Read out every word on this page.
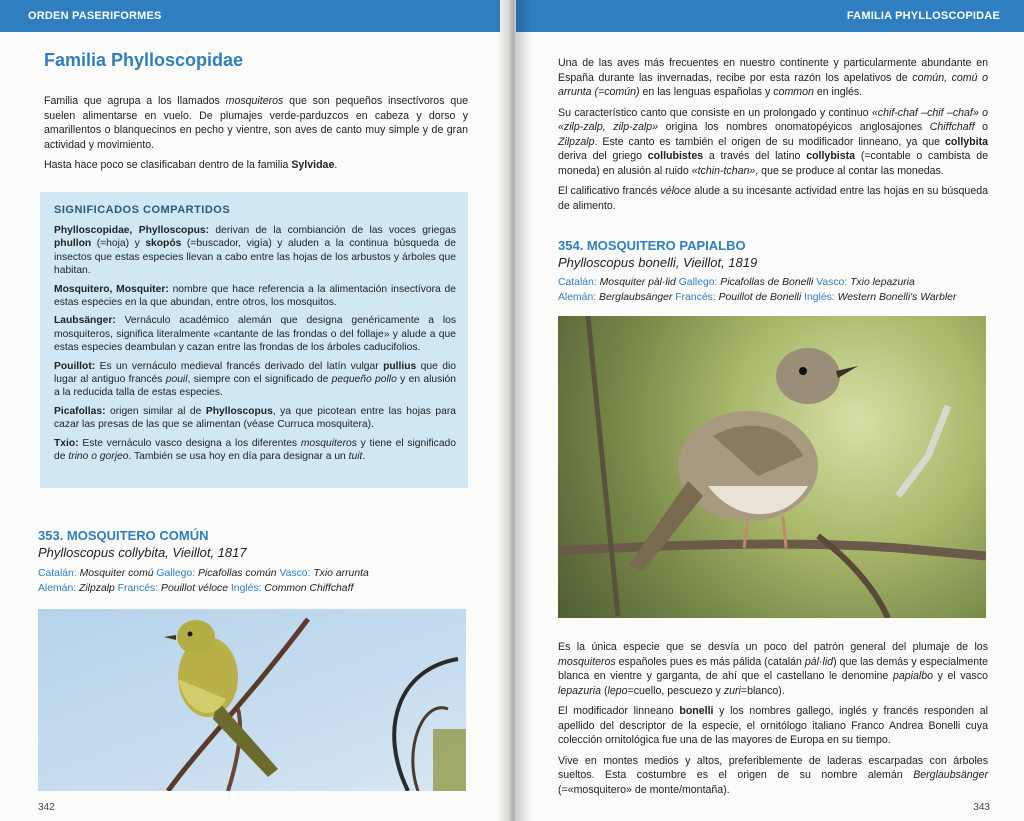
ORDEN PASERIFORMES
Familia Phylloscopidae

Familia que agrupa a los llamados mosquiteros que son pequeños insectívoros que suelen alimentarse en vuelo. De plumajes verde-parduzcos en cabeza y dorso y amarillentos o blanquecinos en pecho y vientre, son aves de canto muy simple y de gran actividad y movimiento.

Hasta hace poco se clasificaban dentro de la familia Sylvidae.

SIGNIFICADOS COMPARTIDOS

Phylloscopidae, Phylloscopus: derivan de la combianción de las voces griegas phullon (=hoja) y skopós (=buscador, vigía) y aluden a la continua búsqueda de insectos que estas especies llevan a cabo entre las hojas de los arbustos y árboles que habitan.

Mosquitero, Mosquiter: nombre que hace referencia a la alimentación insectívora de estas especies en la que abundan, entre otros, los mosquitos.

Laubsänger: Vernáculo académico alemán que designa genéricamente a los mosquiteros, significa literalmente «cantante de las frondas o del follaje» y alude a que estas especies deambulan y cazan entre las frondas de los árboles caducifolios.

Pouillot: Es un vernáculo medieval francés derivado del latín vulgar pullius que dio lugar al antiguo francés pouil, siempre con el significado de pequeño pollo y en alusión a la reducida talla de estas especies.

Picafollas: origen similar al de Phylloscopus, ya que picotean entre las hojas para cazar las presas de las que se alimentan (véase Curruca mosquitera).

Txio: Este vernáculo vasco designa a los diferentes mosquiteros y tiene el significado de trino o gorjeo. También se usa hoy en día para designar a un tuit.

353. MOSQUITERO COMÚN
Phylloscopus collybita, Vieillot, 1817
Catalán: Mosquiter comú Gallego: Picafollas común Vasco: Txio arrunta
Alemán: Zilpzalp Francés: Pouillot véloce Inglés: Common Chiffchaff
342
FAMILIA PHYLLOSCOPIDAE

Una de las aves más frecuentes en nuestro continente y particularmente abundante en España durante las invernadas, recibe por esta razón los apelativos de común, comú o arrunta (=común) en las lenguas españolas y common en inglés.

Su característico canto que consiste en un prolongado y continuo «chif-chaf –chif –chaf» o «zilp-zalp, zilp-zalp» origina los nombres onomatopéyicos anglosajones Chiffchaff o Zilpzalp. Este canto es también el origen de su modificador linneano, ya que collybita deriva del griego collubistes a través del latino collybista (=contable o cambista de moneda) en alusión al ruido «tchin-tchan», que se produce al contar las monedas.

El calificativo francés véloce alude a su incesante actividad entre las hojas en su búsqueda de alimento.

354. MOSQUITERO PAPIALBO
Phylloscopus bonelli, Vieillot, 1819
Catalán: Mosquiter pàl·lid Gallego: Picafollas de Bonelli Vasco: Txio lepazuria
Alemán: Berglaubsänger Francés: Pouillot de Bonelli Inglés: Western Bonelli's Warbler

Es la única especie que se desvía un poco del patrón general del plumaje de los mosquiteros españoles pues es más pálida (catalán pàl·lid) que las demás y especialmente blanca en vientre y garganta, de ahí que el castellano le denomine papialbo y el vasco lepazuria (lepo=cuello, pescuezo y zuri=blanco).

El modificador linneano bonelli y los nombres gallego, inglés y francés responden al apellido del descriptor de la especie, el ornitólogo italiano Franco Andrea Bonelli cuya colección ornitológica fue una de las mayores de Europa en su tiempo.

Vive en montes medios y altos, preferiblemente de laderas escarpadas con árboles sueltos. Esta costumbre es el origen de su nombre alemán Berglaubsänger (=«mosquitero» de monte/montaña).

343
